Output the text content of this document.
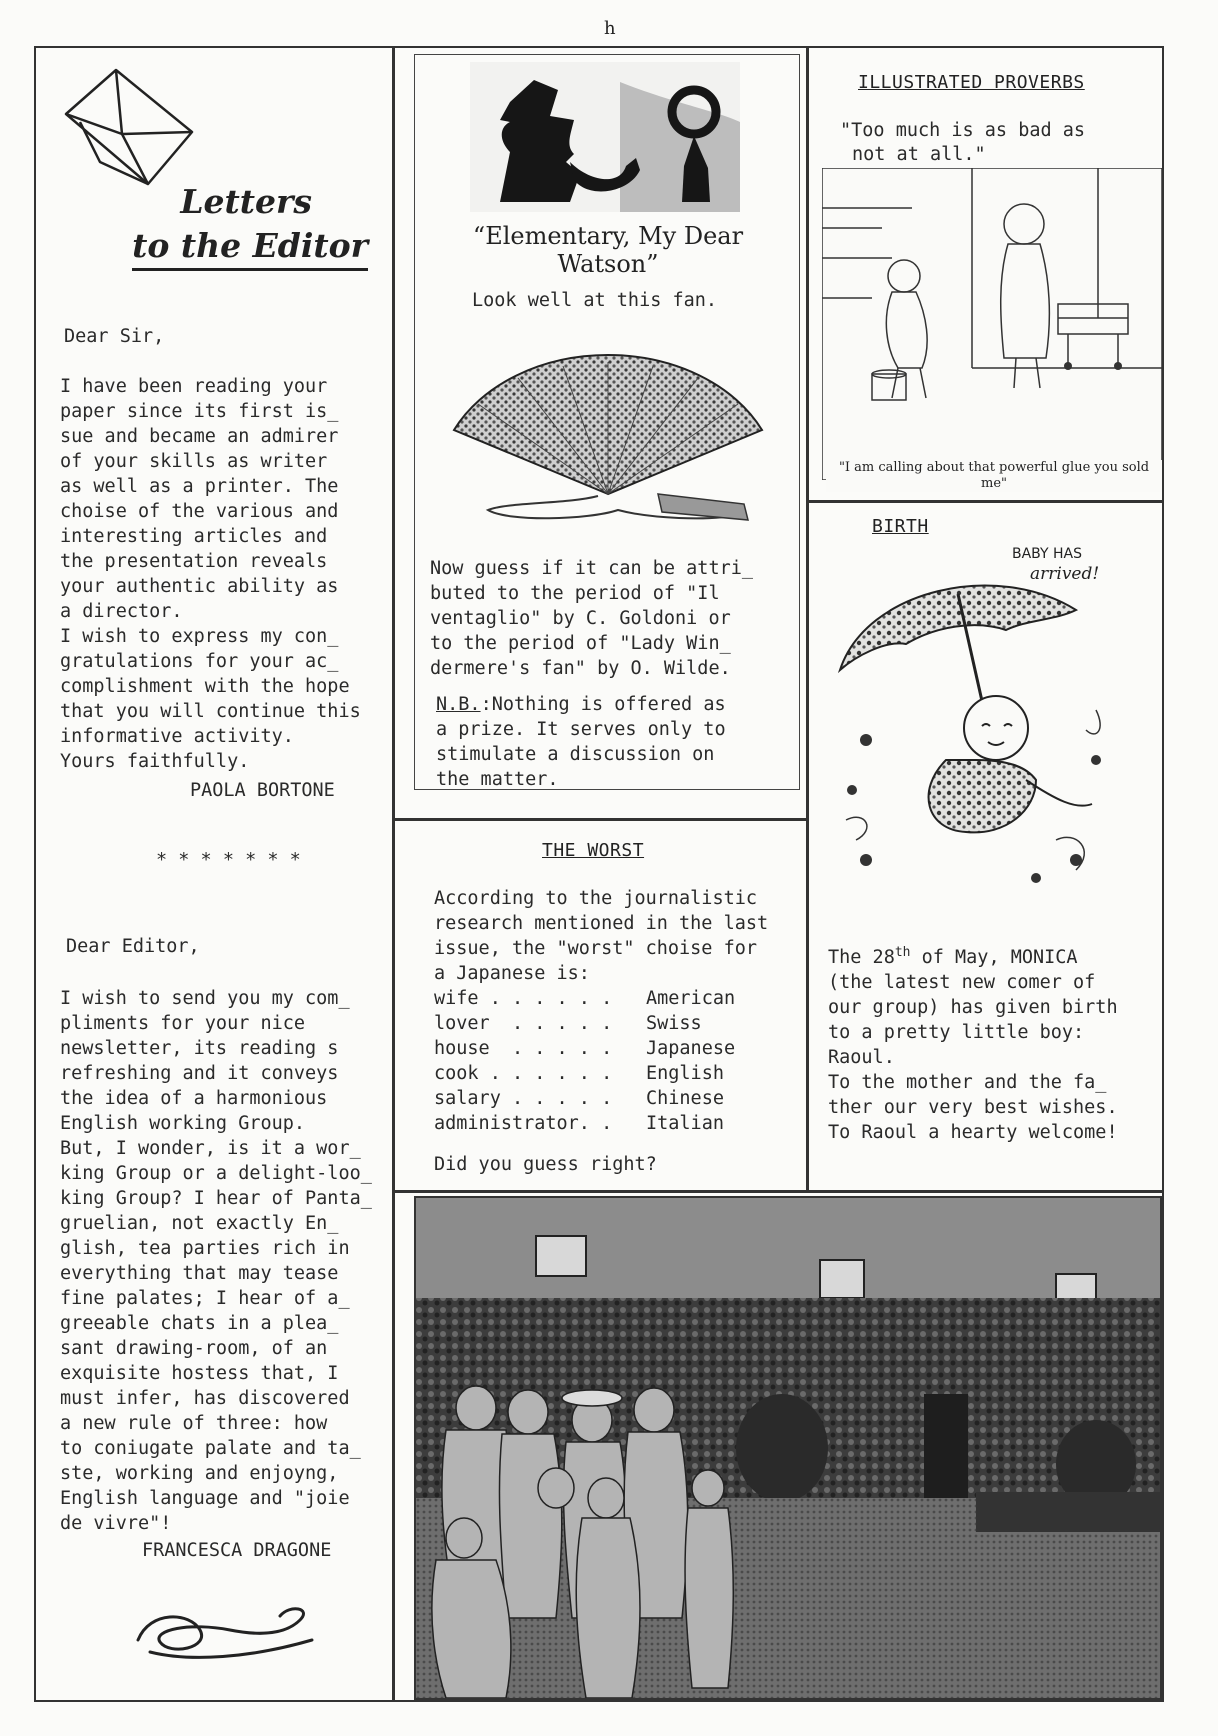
h
Letters
to the Editor
Dear Sir,

I have been reading your

paper since its first is_

sue and became an admirer

of your skills as writer

as well as a printer. The

choise of the various and

interesting articles and

the presentation reveals

your authentic ability as

a director.

I wish to express my con_

gratulations for your ac_

complishment with the hope

that you will continue this

informative activity.

Yours faithfully.

PAOLA BORTONE
* * * * * * *
Dear Editor,

I wish to send you my com_

pliments for your nice

newsletter, its reading s

refreshing and it conveys

the idea of a harmonious

English working Group.

But, I wonder, is it a wor_

king Group or a delight-loo_

king Group? I hear of Panta_

gruelian, not exactly En_

glish, tea parties rich in

everything that may tease

fine palates; I hear of a_

greeable chats in a plea_

sant drawing-room, of an

exquisite hostess that, I

must infer, has discovered

a new rule of three: how

to coniugate palate and ta_

ste, working and enjoyng,

English language and "joie

de vivre"!

FRANCESCA DRAGONE
“Elementary, My Dear Watson”
Look well at this fan.

Now guess if it can be attri_

buted to the period of "Il

ventaglio" by C. Goldoni or

to the period of "Lady Win_

dermere's fan" by O. Wilde.

N.B.:Nothing is offered as

a prize. It serves only to

stimulate a discussion on

the matter.

THE WORST

According to the journalistic

research mentioned in the last

issue, the "worst" choise for

a Japanese is:

wife . . . . . .	American
lover  . . . . .	Swiss
house  . . . . .	Japanese
cook . . . . . .	English
salary . . . . .	Chinese
administrator. .	Italian
Did you guess right?
ILLUSTRATED PROVERBS
"Too much is as bad as
not at all."
"I am calling about that powerful glue you sold me"
BIRTH
BABY HAS
arrived!

The 28th of May, MONICA

(the latest new comer of

our group) has given birth

to a pretty little boy:

Raoul.

To the mother and the fa_

ther our very best wishes.

To Raoul a hearty welcome!
